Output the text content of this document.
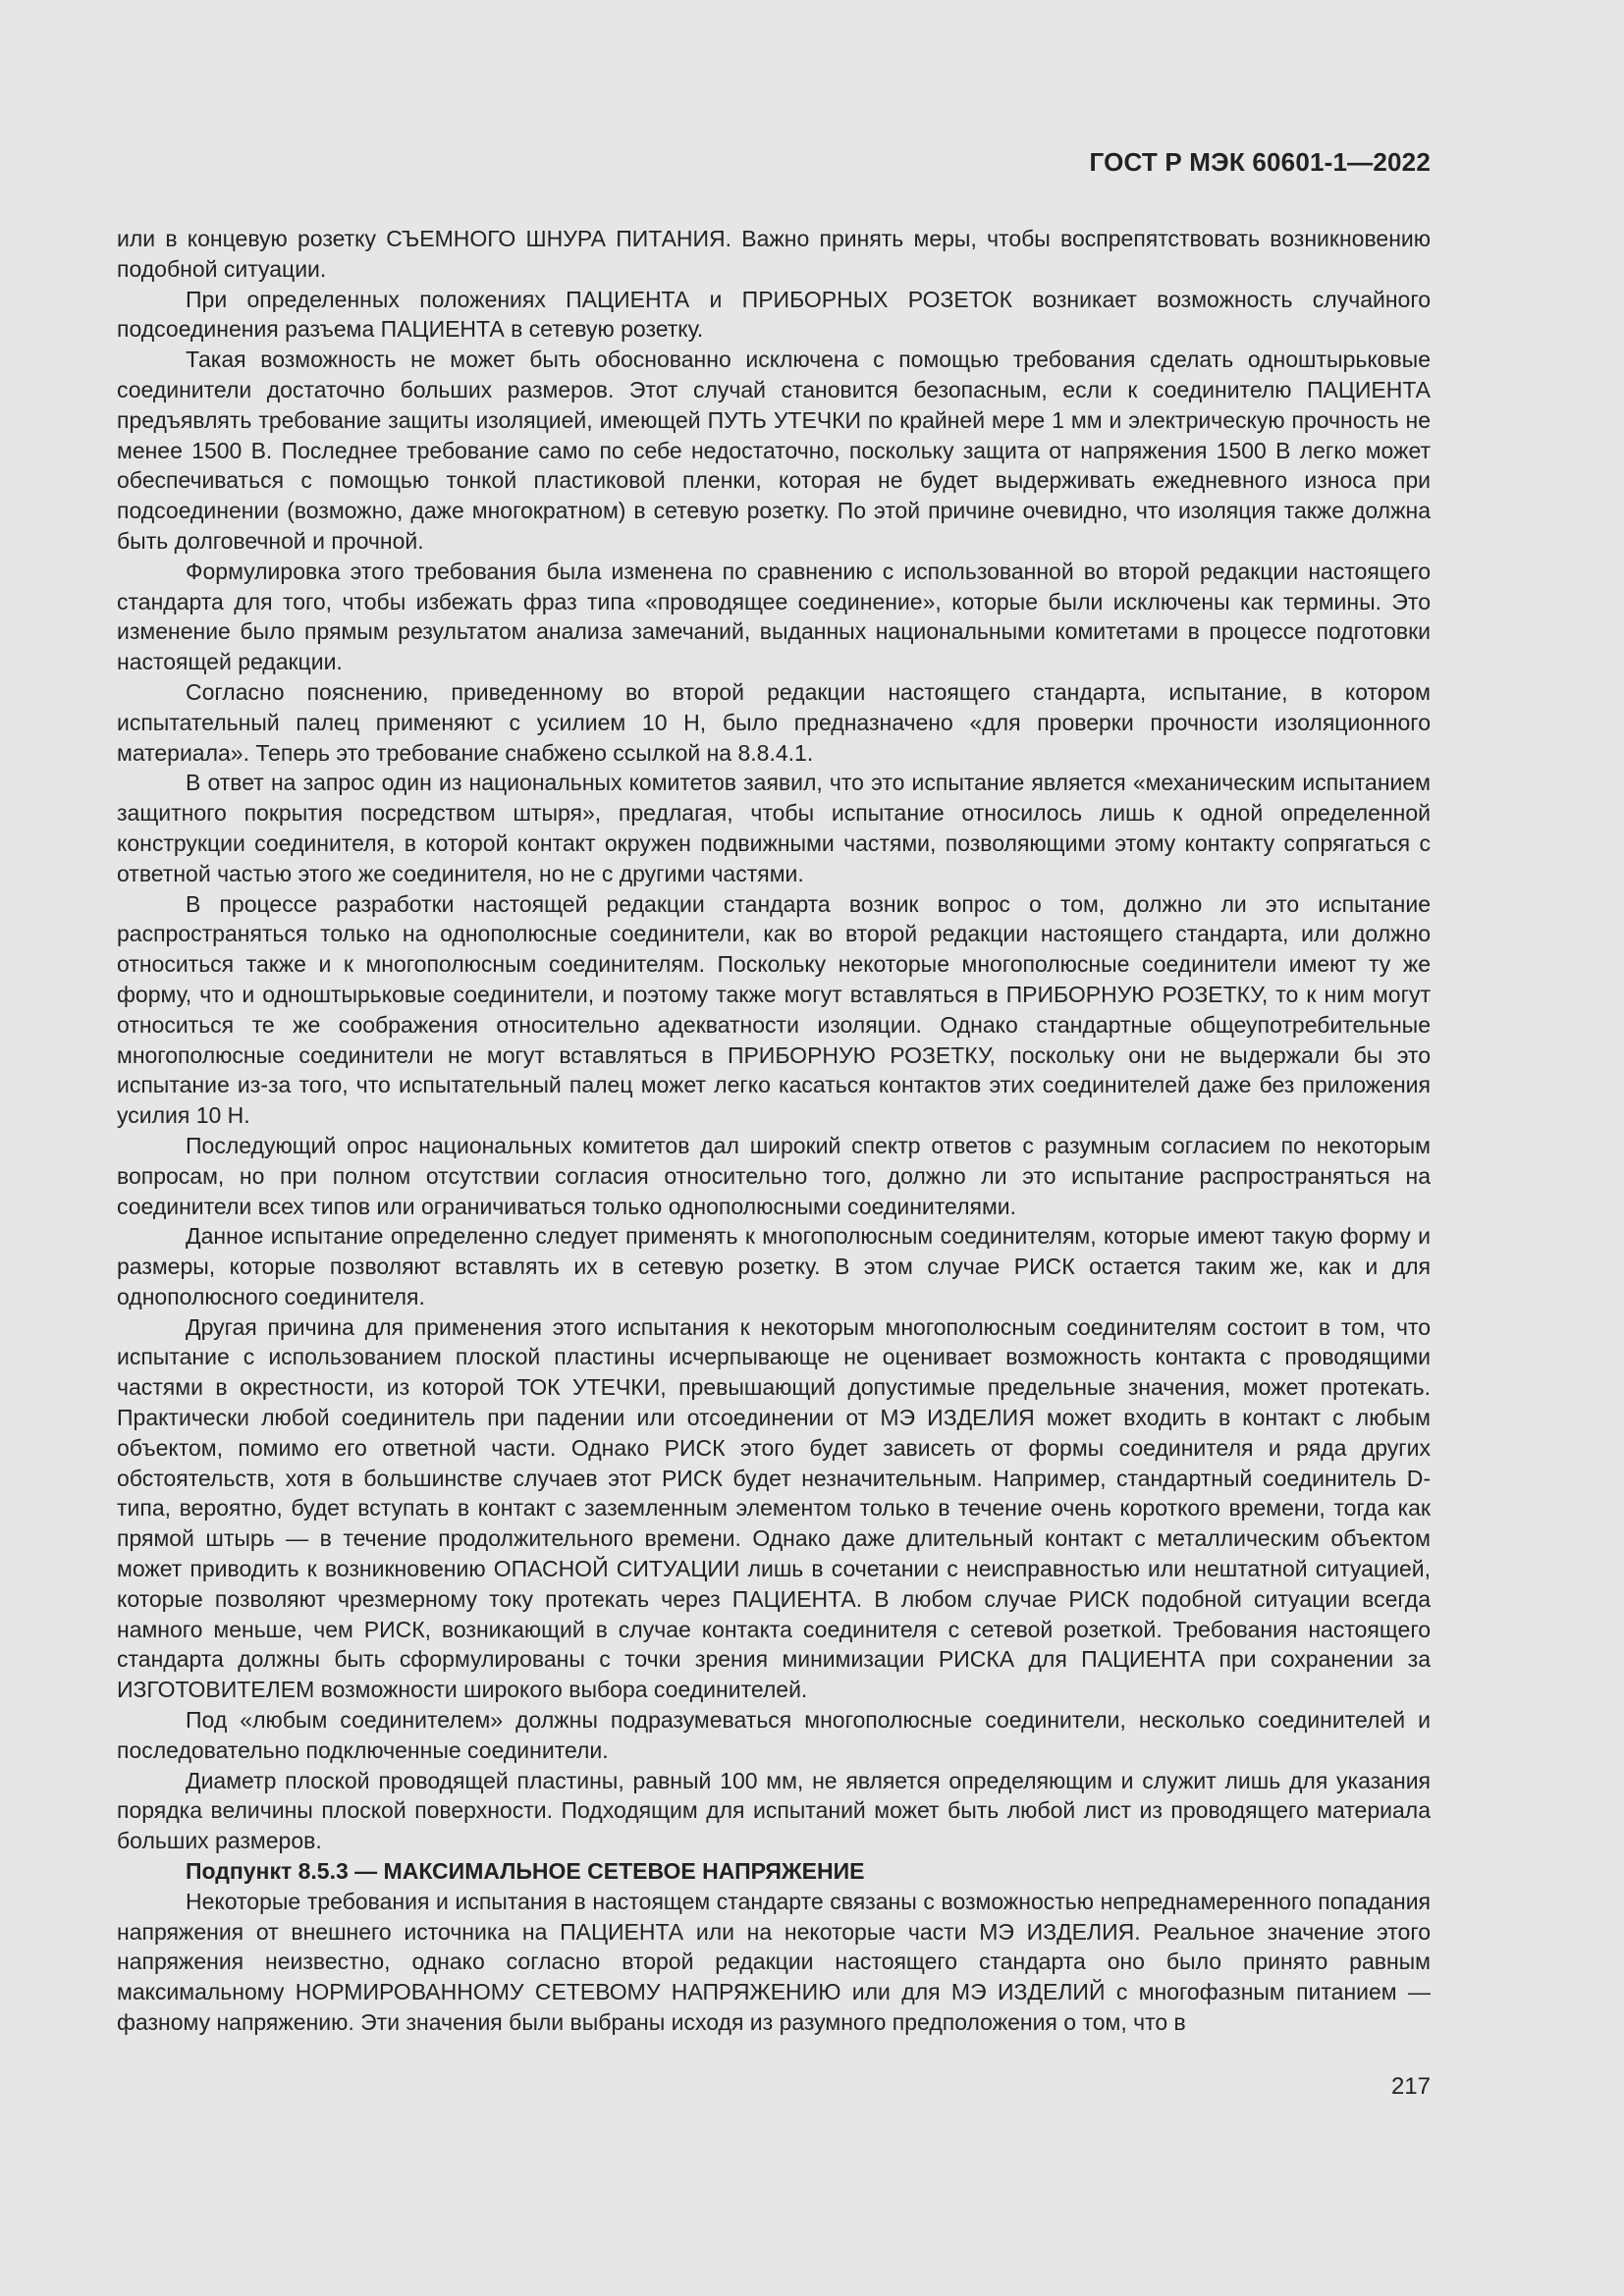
ГОСТ Р МЭК 60601-1—2022

или в концевую розетку СЪЕМНОГО ШНУРА ПИТАНИЯ. Важно принять меры, чтобы воспрепятствовать возникновению подобной ситуации.

При определенных положениях ПАЦИЕНТА и ПРИБОРНЫХ РОЗЕТОК возникает возможность случайного подсоединения разъема ПАЦИЕНТА в сетевую розетку.

Такая возможность не может быть обоснованно исключена с помощью требования сделать одноштырьковые соединители достаточно больших размеров. Этот случай становится безопасным, если к соединителю ПАЦИЕНТА предъявлять требование защиты изоляцией, имеющей ПУТЬ УТЕЧКИ по крайней мере 1 мм и электрическую прочность не менее 1500 В. Последнее требование само по себе недостаточно, поскольку защита от напряжения 1500 В легко может обеспечиваться с помощью тонкой пластиковой пленки, которая не будет выдерживать ежедневного износа при подсоединении (возможно, даже многократном) в сетевую розетку. По этой причине очевидно, что изоляция также должна быть долговечной и прочной.

Формулировка этого требования была изменена по сравнению с использованной во второй редакции настоящего стандарта для того, чтобы избежать фраз типа «проводящее соединение», которые были исключены как термины. Это изменение было прямым результатом анализа замечаний, выданных национальными комитетами в процессе подготовки настоящей редакции.

Согласно пояснению, приведенному во второй редакции настоящего стандарта, испытание, в котором испытательный палец применяют с усилием 10 Н, было предназначено «для проверки прочности изоляционного материала». Теперь это требование снабжено ссылкой на 8.8.4.1.

В ответ на запрос один из национальных комитетов заявил, что это испытание является «механическим испытанием защитного покрытия посредством штыря», предлагая, чтобы испытание относилось лишь к одной определенной конструкции соединителя, в которой контакт окружен подвижными частями, позволяющими этому контакту сопрягаться с ответной частью этого же соединителя, но не с другими частями.

В процессе разработки настоящей редакции стандарта возник вопрос о том, должно ли это испытание распространяться только на однополюсные соединители, как во второй редакции настоящего стандарта, или должно относиться также и к многополюсным соединителям. Поскольку некоторые многополюсные соединители имеют ту же форму, что и одноштырьковые соединители, и поэтому также могут вставляться в ПРИБОРНУЮ РОЗЕТКУ, то к ним могут относиться те же соображения относительно адекватности изоляции. Однако стандартные общеупотребительные многополюсные соединители не могут вставляться в ПРИБОРНУЮ РОЗЕТКУ, поскольку они не выдержали бы это испытание из-за того, что испытательный палец может легко касаться контактов этих соединителей даже без приложения усилия 10 Н.

Последующий опрос национальных комитетов дал широкий спектр ответов с разумным согласием по некоторым вопросам, но при полном отсутствии согласия относительно того, должно ли это испытание распространяться на соединители всех типов или ограничиваться только однополюсными соединителями.

Данное испытание определенно следует применять к многополюсным соединителям, которые имеют такую форму и размеры, которые позволяют вставлять их в сетевую розетку. В этом случае РИСК остается таким же, как и для однополюсного соединителя.

Другая причина для применения этого испытания к некоторым многополюсным соединителям состоит в том, что испытание с использованием плоской пластины исчерпывающе не оценивает возможность контакта с проводящими частями в окрестности, из которой ТОК УТЕЧКИ, превышающий допустимые предельные значения, может протекать. Практически любой соединитель при падении или отсоединении от МЭ ИЗДЕЛИЯ может входить в контакт с любым объектом, помимо его ответной части. Однако РИСК этого будет зависеть от формы соединителя и ряда других обстоятельств, хотя в большинстве случаев этот РИСК будет незначительным. Например, стандартный соединитель D-типа, вероятно, будет вступать в контакт с заземленным элементом только в течение очень короткого времени, тогда как прямой штырь — в течение продолжительного времени. Однако даже длительный контакт с металлическим объектом может приводить к возникновению ОПАСНОЙ СИТУАЦИИ лишь в сочетании с неисправностью или нештатной ситуацией, которые позволяют чрезмерному току протекать через ПАЦИЕНТА. В любом случае РИСК подобной ситуации всегда намного меньше, чем РИСК, возникающий в случае контакта соединителя с сетевой розеткой. Требования настоящего стандарта должны быть сформулированы с точки зрения минимизации РИСКА для ПАЦИЕНТА при сохранении за ИЗГОТОВИТЕЛЕМ возможности широкого выбора соединителей.

Под «любым соединителем» должны подразумеваться многополюсные соединители, несколько соединителей и последовательно подключенные соединители.

Диаметр плоской проводящей пластины, равный 100 мм, не является определяющим и служит лишь для указания порядка величины плоской поверхности. Подходящим для испытаний может быть любой лист из проводящего материала больших размеров.

Подпункт 8.5.3 — МАКСИМАЛЬНОЕ СЕТЕВОЕ НАПРЯЖЕНИЕ

Некоторые требования и испытания в настоящем стандарте связаны с возможностью непреднамеренного попадания напряжения от внешнего источника на ПАЦИЕНТА или на некоторые части МЭ ИЗДЕЛИЯ. Реальное значение этого напряжения неизвестно, однако согласно второй редакции настоящего стандарта оно было принято равным максимальному НОРМИРОВАННОМУ СЕТЕВОМУ НАПРЯЖЕНИЮ или для МЭ ИЗДЕЛИЙ с многофазным питанием — фазному напряжению. Эти значения были выбраны исходя из разумного предположения о том, что в

217
